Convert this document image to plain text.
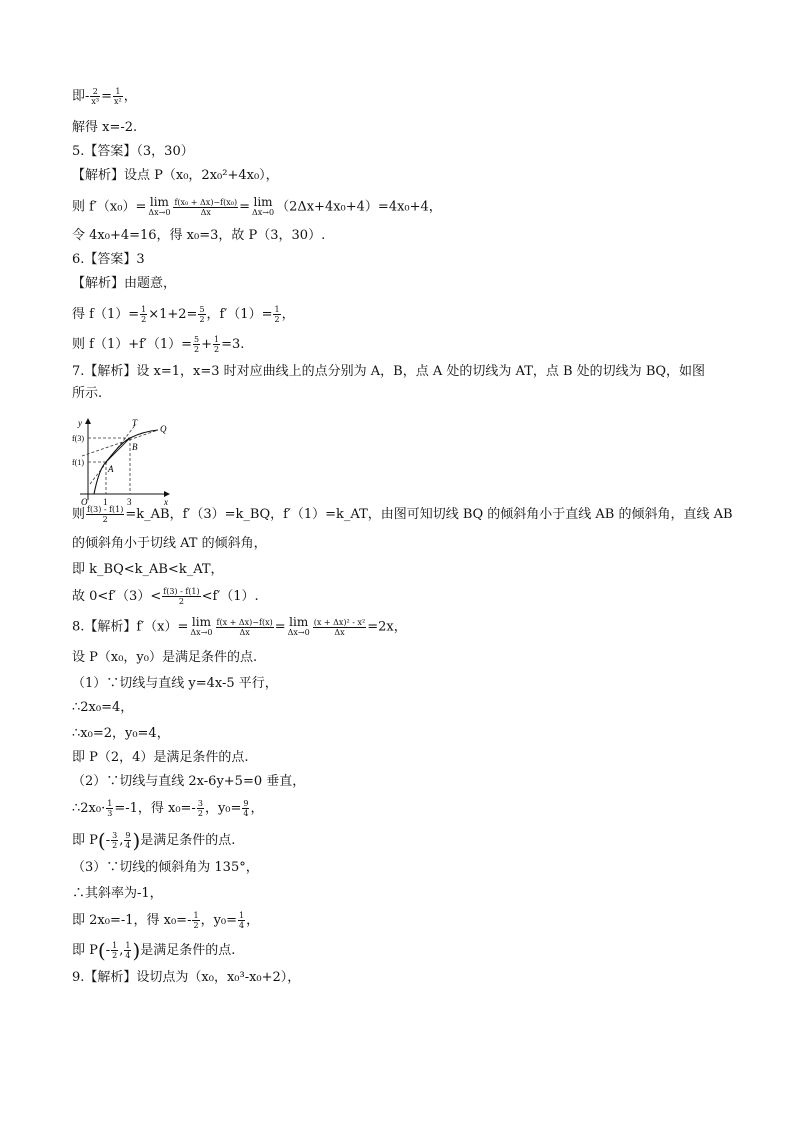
即- $\frac{2}{\text{x³}} = \frac{1}{\text{x²}}$ ，
解得 x=-2.
5.【答案】（3，30）
【解析】设点 P（x₀，2x₀²+4x₀），
则 f′（x₀）= lim
$\Delta x\to 0 \frac{\text{f(x₀ + Δx)−f(x₀)}}{\Delta x} = \lim$
Δx→0 （2Δx+4x₀+4）=4x₀+4，
令 4x₀+4=16，得 x₀=3，故 P（3，30）.
6.【答案】3
【解析】由题意，
得 $f(1)= \frac{1}{2} \times 1+2= \frac{5}{2}$ ，$f'(1)= \frac{1}{2}$ ，
则 $f(1)+f'(1)= \frac{5}{2} + \frac{1}{2} =3$.
7.【解析】设 x=1，x=3 时对应曲线上的点分别为 A，B，点 A 处的切线为 AT，点 B 处的切线为 BQ，如图
所示.
则 $\frac{f(3) - f(1)}{2}$ =k_AB，f′（3）=k_BQ，f′（1）=k_AT，由图可知切线 BQ 的倾斜角小于直线 AB 的倾斜角，直线 AB
的倾斜角小于切线 AT 的倾斜角，
即 k_BQ<k_AB<k_AT，
故 $0<f'(3)< \frac{f(3) - f(1)}{2} <f'(1)$.
8.【解析】f′（x）= lim
$\Delta x\to 0 \frac{f(x + \Delta x)-f(x)}{\Delta x} = \lim$
$\Delta x\to 0 \frac{\text{(x + Δx)² - x²}}{\Delta x} =2x$，
设 P（x₀，y₀）是满足条件的点.
（1）∵切线与直线 y=4x-5 平行，
∴2x₀=4，
∴x₀=2，y₀=4，
即 P（2，4）是满足条件的点.
（2）∵切线与直线 2x-6y+5=0 垂直，
∴2x₀· $\frac{1}{3} =-1$，得 $x_0=- \frac{3}{2}$ ，$y_0= \frac{9}{4}$ ，
即 $P(- \frac{3}{2}$ , $\frac{9}{4}$ )是满足条件的点.
（3）∵切线的倾斜角为 135°，
∴其斜率为-1，
即 2x₀=-1，得 $x_0=- \frac{1}{2}$ ，$y_0= \frac{1}{4}$ ，
即 $P(- \frac{1}{2}$ , $\frac{1}{4}$ )是满足条件的点.
9.【解析】设切点为（x₀，x₀³-x₀+2），
y
x
O 1 3
f(3)
f(1)
A
B
T
Q
